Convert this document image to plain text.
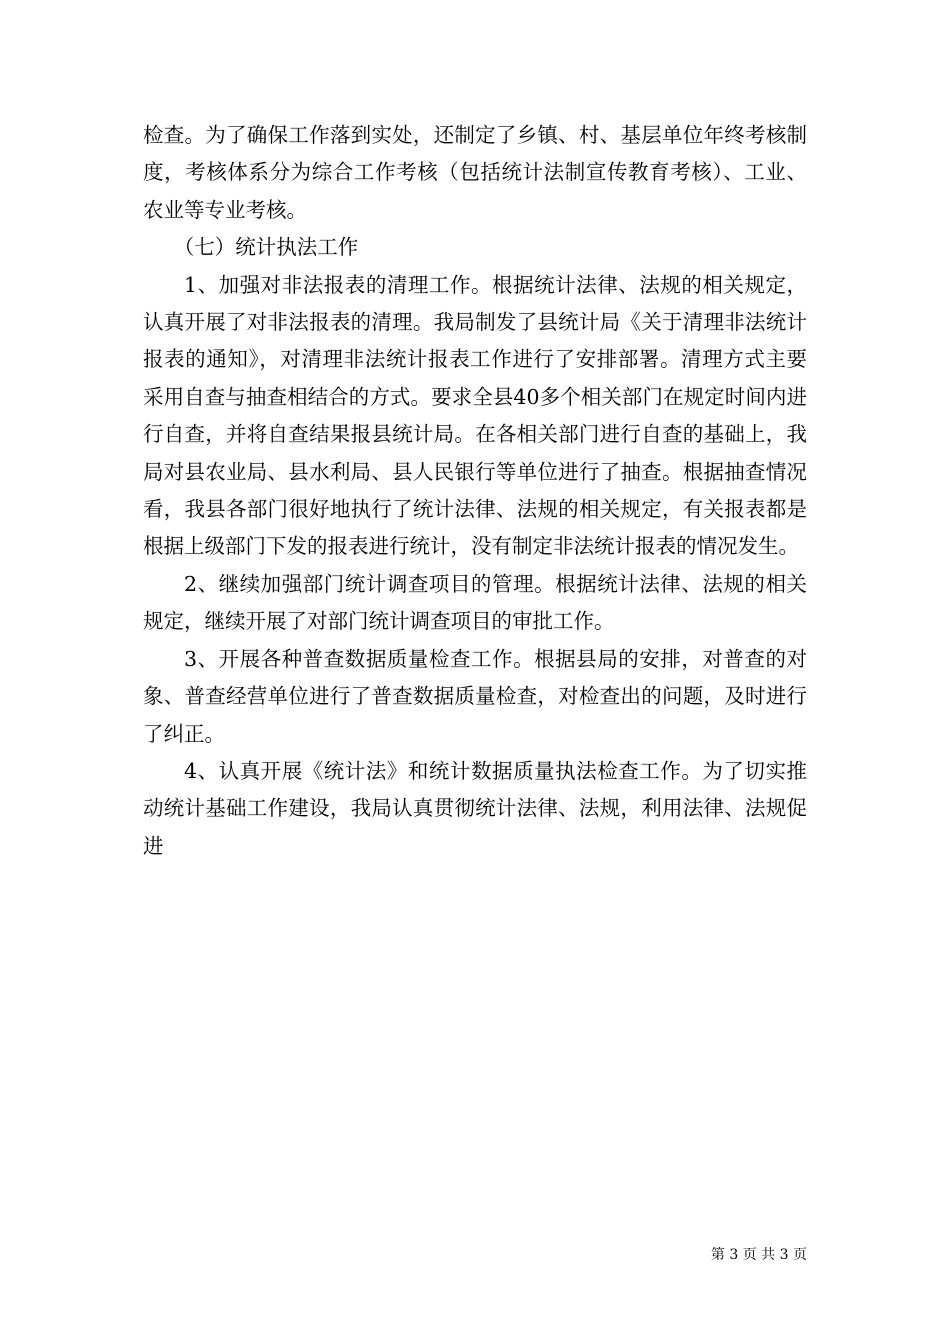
检查。为了确保工作落到实处，还制定了乡镇、村、基层单位年终考核制度，考核体系分为综合工作考核（包括统计法制宣传教育考核）、工业、农业等专业考核。

（七）统计执法工作

1、加强对非法报表的清理工作。根据统计法律、法规的相关规定，认真开展了对非法报表的清理。我局制发了县统计局《关于清理非法统计报表的通知》，对清理非法统计报表工作进行了安排部署。清理方式主要采用自查与抽查相结合的方式。要求全县40多个相关部门在规定时间内进行自查，并将自查结果报县统计局。在各相关部门进行自查的基础上，我局对县农业局、县水利局、县人民银行等单位进行了抽查。根据抽查情况看，我县各部门很好地执行了统计法律、法规的相关规定，有关报表都是根据上级部门下发的报表进行统计，没有制定非法统计报表的情况发生。

2、继续加强部门统计调查项目的管理。根据统计法律、法规的相关规定，继续开展了对部门统计调查项目的审批工作。

3、开展各种普查数据质量检查工作。根据县局的安排，对普查的对象、普查经营单位进行了普查数据质量检查，对检查出的问题，及时进行了纠正。

4、认真开展《统计法》和统计数据质量执法检查工作。为了切实推动统计基础工作建设，我局认真贯彻统计法律、法规，利用法律、法规促进

第 3 页 共 3 页
